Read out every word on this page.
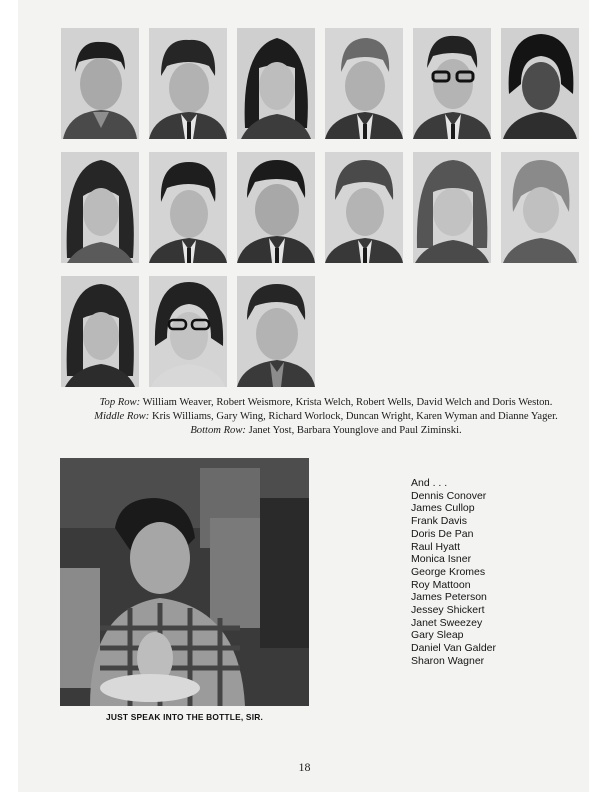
Top Row: William Weaver, Robert Weismore, Krista Welch, Robert Wells, David Welch and Doris Weston.

Middle Row: Kris Williams, Gary Wing, Richard Worlock, Duncan Wright, Karen Wyman and Dianne Yager.

Bottom Row: Janet Yost, Barbara Younglove and Paul Ziminski.

JUST SPEAK INTO THE BOTTLE, SIR.
And . . .
Dennis Conover
James Cullop
Frank Davis
Doris De Pan
Raul Hyatt
Monica Isner
George Kromes
Roy Mattoon
James Peterson
Jessey Shickert
Janet Sweezey
Gary Sleap
Daniel Van Galder
Sharon Wagner
18
